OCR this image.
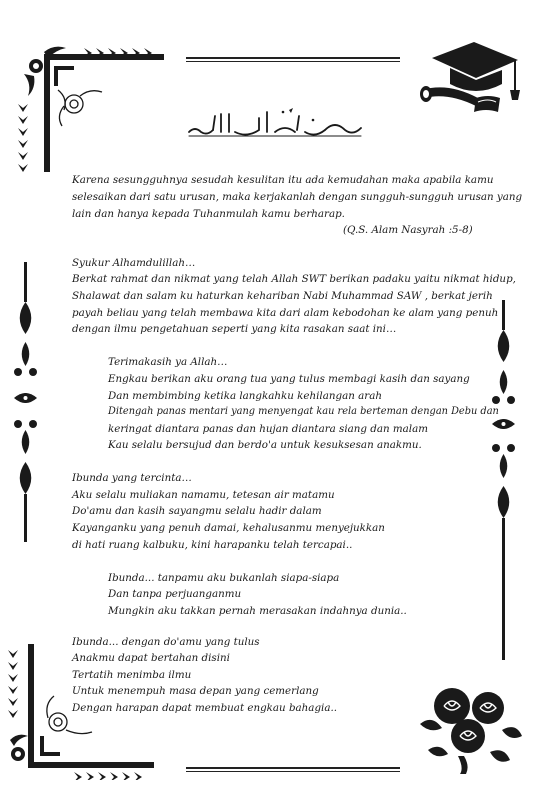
Karena sesungguhnya sesudah kesulitan itu ada kemudahan maka apabila kamu
selesaikan dari satu urusan, maka kerjakanlah dengan sungguh-sungguh urusan yang
lain dan hanya kepada Tuhanmulah kamu berharap.
(Q.S. Alam Nasyrah :5-8)
Syukur Alhamdulillah…
Berkat rahmat dan nikmat yang telah Allah SWT berikan padaku yaitu nikmat hidup,
Shalawat dan salam ku haturkan kehariban Nabi Muhammad SAW , berkat jerih
payah beliau yang telah membawa kita dari alam kebodohan ke alam yang penuh
dengan ilmu pengetahuan seperti yang kita rasakan saat ini…
Terimakasih ya Allah…
Engkau berikan aku orang tua yang tulus membagi kasih dan sayang
Dan membimbing ketika langkahku kehilangan arah
Ditengah panas mentari yang menyengat kau rela berteman dengan Debu dan
keringat diantara panas dan hujan diantara siang dan malam
Kau selalu bersujud dan berdo'a untuk kesuksesan anakmu.
Ibunda yang tercinta…
Aku selalu muliakan namamu, tetesan air matamu
Do'amu dan kasih sayangmu selalu hadir dalam
Kayanganku yang penuh damai, kehalusanmu menyejukkan
di hati ruang kalbuku, kini harapanku telah tercapai..
Ibunda... tanpamu aku bukanlah siapa-siapa
Dan tanpa perjuanganmu
Mungkin aku takkan pernah merasakan indahnya dunia..
Ibunda... dengan do'amu yang tulus
Anakmu dapat bertahan disini
Tertatih menimba ilmu
Untuk menempuh masa depan yang cemerlang
Dengan harapan dapat membuat engkau bahagia..
